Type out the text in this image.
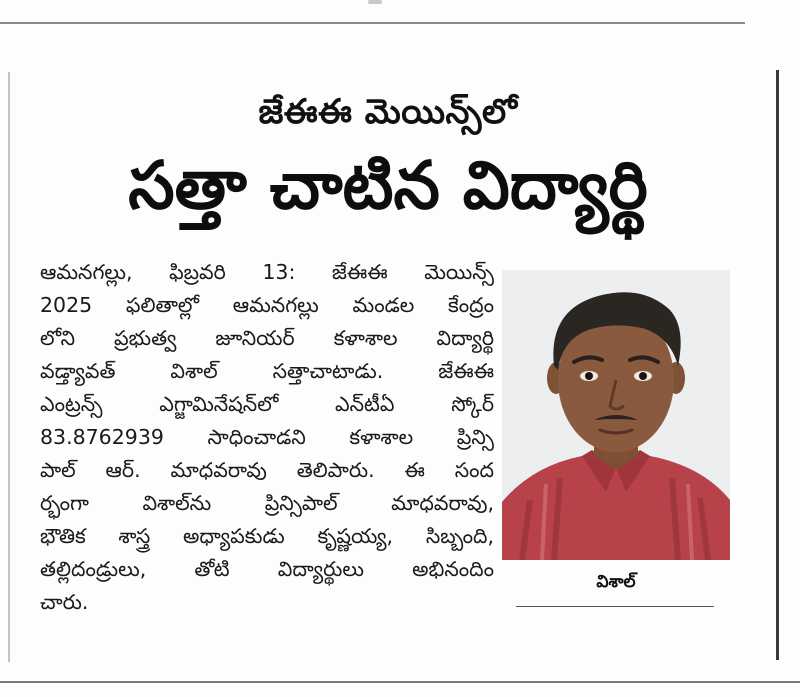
జేఈఈ మెయిన్స్‌లో
సత్తా చాటిన విద్యార్థి
ఆమనగల్లు, ఫిబ్రవరి 13: జేఈఈ మెయిన్స్
2025 ఫలితాల్లో ఆమనగల్లు మండల కేంద్రం
లోని ప్రభుత్వ జూనియర్ కళాశాల విద్యార్థి
వడ్త్యావత్ విశాల్ సత్తాచాటాడు. జేఈఈ
ఎంట్రన్స్ ఎగ్జామినేషన్‌లో ఎన్‌టీఏ స్కోర్
83.8762939 సాధించాడని కళాశాల ప్రిన్సి
పాల్ ఆర్. మాధవరావు తెలిపారు. ఈ సంద
ర్భంగా విశాల్‌ను ప్రిన్సిపాల్ మాధవరావు,
భౌతిక శాస్త్ర అధ్యాపకుడు కృష్ణయ్య, సిబ్బంది,
తల్లిదండ్రులు, తోటి విద్యార్థులు అభినందిం
చారు.
విశాల్
